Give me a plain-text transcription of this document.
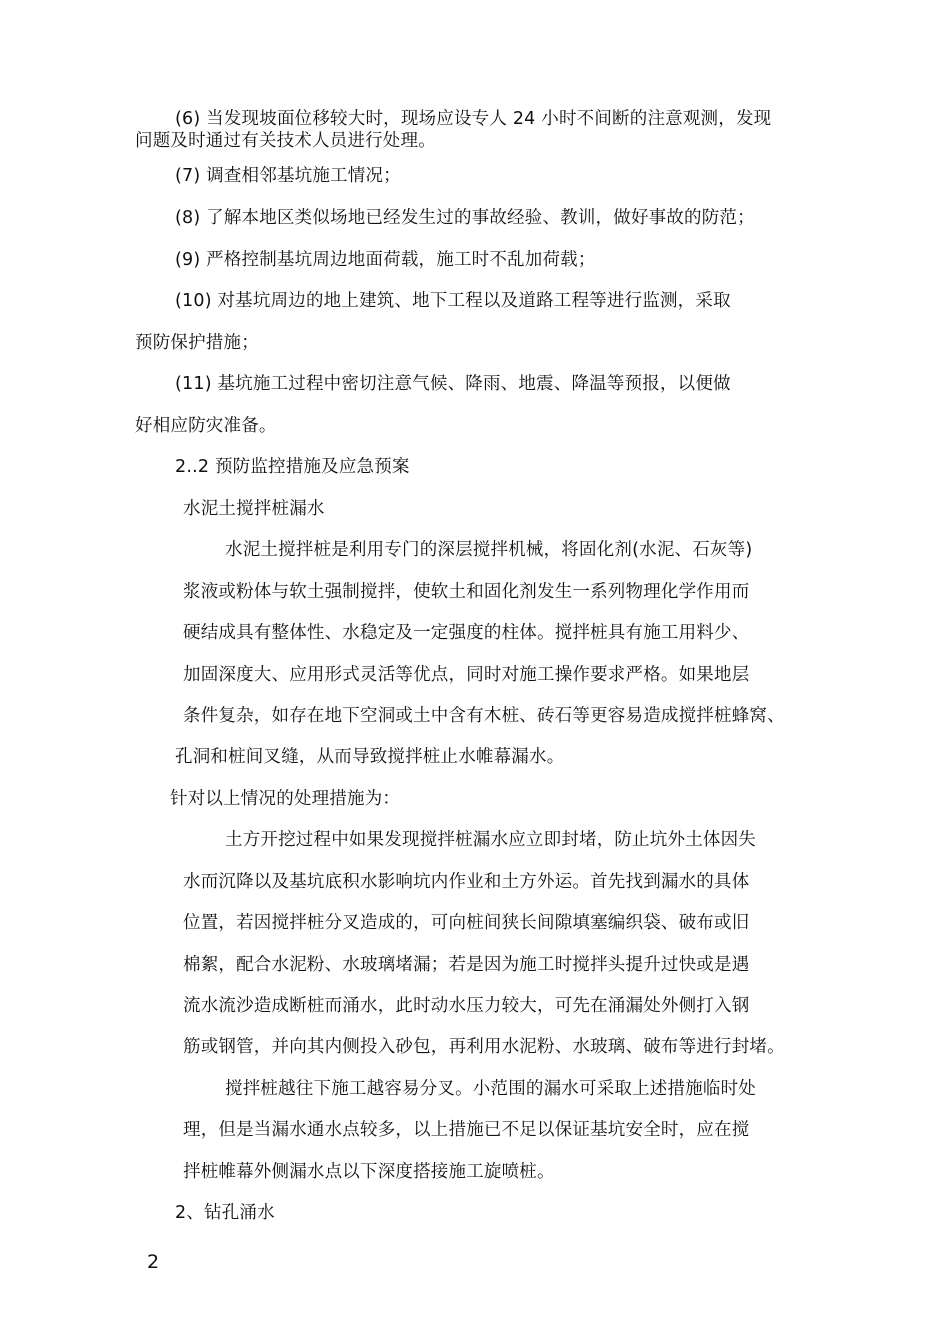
(6) 当发现坡面位移较大时，现场应设专人 24 小时不间断的注意观测，发现
问题及时通过有关技术人员进行处理。
(7) 调查相邻基坑施工情况；
(8) 了解本地区类似场地已经发生过的事故经验、教训，做好事故的防范；
(9) 严格控制基坑周边地面荷载，施工时不乱加荷载；
(10) 对基坑周边的地上建筑、地下工程以及道路工程等进行监测，采取
预防保护措施；
(11) 基坑施工过程中密切注意气候、降雨、地震、降温等预报，以便做
好相应防灾准备。
2..2 预防监控措施及应急预案
水泥土搅拌桩漏水
水泥土搅拌桩是利用专门的深层搅拌机械，将固化剂(水泥、石灰等)
浆液或粉体与软土强制搅拌，使软土和固化剂发生一系列物理化学作用而
硬结成具有整体性、水稳定及一定强度的柱体。搅拌桩具有施工用料少、
加固深度大、应用形式灵活等优点，同时对施工操作要求严格。如果地层
条件复杂，如存在地下空洞或土中含有木桩、砖石等更容易造成搅拌桩蜂窝、
孔洞和桩间叉缝，从而导致搅拌桩止水帷幕漏水。
针对以上情况的处理措施为：
土方开挖过程中如果发现搅拌桩漏水应立即封堵，防止坑外土体因失
水而沉降以及基坑底积水影响坑内作业和土方外运。首先找到漏水的具体
位置，若因搅拌桩分叉造成的，可向桩间狭长间隙填塞编织袋、破布或旧
棉絮，配合水泥粉、水玻璃堵漏；若是因为施工时搅拌头提升过快或是遇
流水流沙造成断桩而涌水，此时动水压力较大，可先在涌漏处外侧打入钢
筋或钢管，并向其内侧投入砂包，再利用水泥粉、水玻璃、破布等进行封堵。
搅拌桩越往下施工越容易分叉。小范围的漏水可采取上述措施临时处
理，但是当漏水通水点较多，以上措施已不足以保证基坑安全时，应在搅
拌桩帷幕外侧漏水点以下深度搭接施工旋喷桩。
2、钻孔涌水
2
